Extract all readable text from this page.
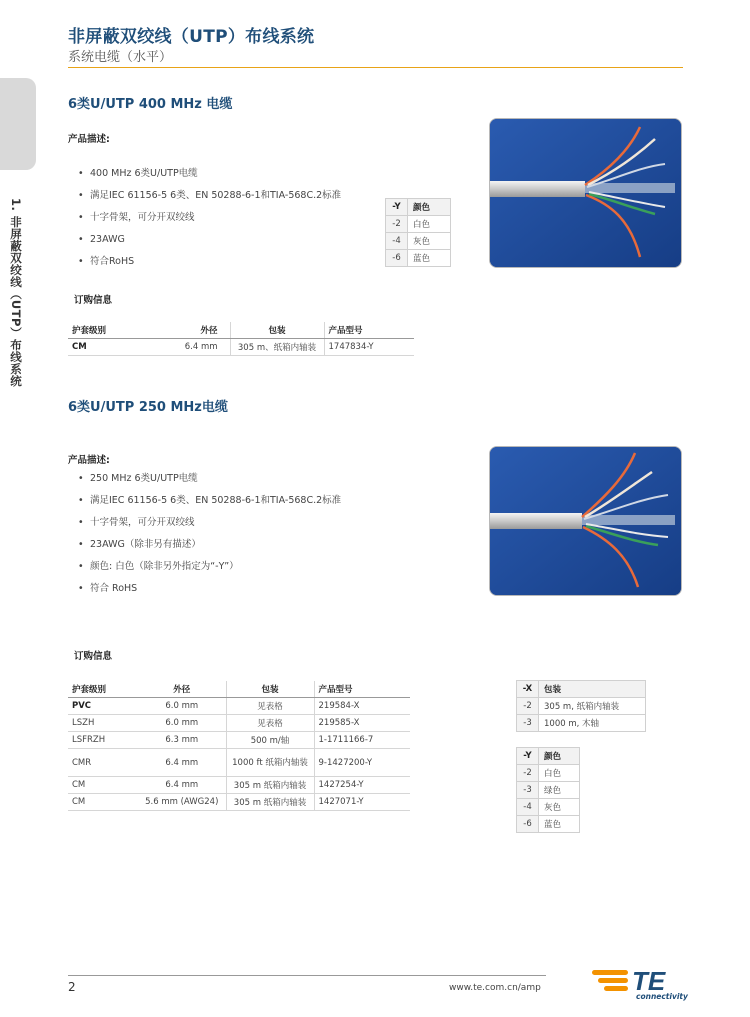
非屏蔽双绞线（UTP）布线系统
系统电缆（水平）
1. 非屏蔽双绞线（UTP）布线系统
6类U/UTP 400 MHz 电缆
产品描述:
• 400 MHz 6类U/UTP电缆
• 满足IEC 61156-5 6类、EN 50288-6-1和TIA-568C.2标准
• 十字骨架，可分开双绞线
• 23AWG
• 符合RoHS
-Y	颜色
-2	白色
-4	灰色
-6	蓝色
订购信息
护套级别	外径	包装	产品型号
CM	6.4 mm	305 m、纸箱内轴装	1747834-Y
6类U/UTP 250 MHz电缆
产品描述:
• 250 MHz 6类U/UTP电缆
• 满足IEC 61156-5 6类、EN 50288-6-1和TIA-568C.2标准
• 十字骨架，可分开双绞线
• 23AWG（除非另有描述）
• 颜色: 白色（除非另外指定为“-Y”）
• 符合 RoHS
订购信息
护套级别	外径	包装	产品型号
PVC	6.0 mm	见表格	219584-X
LSZH	6.0 mm	见表格	219585-X
LSFRZH	6.3 mm	500 m/轴	1-1711166-7
CMR	6.4 mm	1000 ft 纸箱内轴装	9-1427200-Y
CM	6.4 mm	305 m 纸箱内轴装	1427254-Y
CM	5.6 mm (AWG24)	305 m 纸箱内轴装	1427071-Y
-X	包装
-2	305 m, 纸箱内轴装
-3	1000 m, 木轴
-Y	颜色
-2	白色
-3	绿色
-4	灰色
-6	蓝色
2	www.te.com.cn/amp	TE
connectivity
